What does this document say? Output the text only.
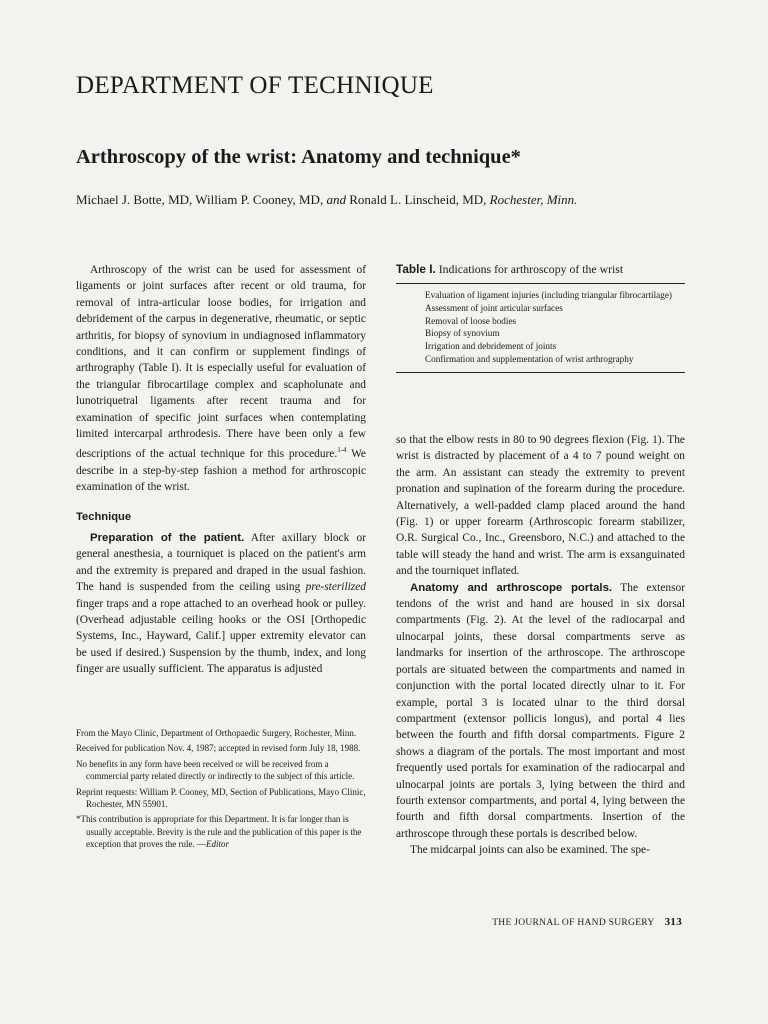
DEPARTMENT OF TECHNIQUE
Arthroscopy of the wrist: Anatomy and technique*

Michael J. Botte, MD, William P. Cooney, MD, and Ronald L. Linscheid, MD, Rochester, Minn.

Arthroscopy of the wrist can be used for assessment of ligaments or joint surfaces after recent or old trauma, for removal of intra-articular loose bodies, for irrigation and debridement of the carpus in degenerative, rheumatic, or septic arthritis, for biopsy of synovium in undiagnosed inflammatory conditions, and it can confirm or supplement findings of arthrography (Table I). It is especially useful for evaluation of the triangular fibrocartilage complex and scapholunate and lunotriquetral ligaments after recent trauma and for examination of specific joint surfaces when contemplating limited intercarpal arthrodesis. There have been only a few descriptions of the actual technique for this procedure.$^{1-4}$ We describe in a step-by-step fashion a method for arthroscopic examination of the wrist.

Technique

Preparation of the patient. After axillary block or general anesthesia, a tourniquet is placed on the patient's arm and the extremity is prepared and draped in the usual fashion. The hand is suspended from the ceiling using pre-sterilized finger traps and a rope attached to an overhead hook or pulley. (Overhead adjustable ceiling hooks or the OSI [Orthopedic Systems, Inc., Hayward, Calif.] upper extremity elevator can be used if desired.) Suspension by the thumb, index, and long finger are usually sufficient. The apparatus is adjusted

Table I. Indications for arthroscopy of the wrist

Evaluation of ligament injuries (including triangular fibrocartilage)
Assessment of joint articular surfaces
Removal of loose bodies
Biopsy of synovium
Irrigation and debridement of joints
Confirmation and supplementation of wrist arthrography

so that the elbow rests in 80 to 90 degrees flexion (Fig. 1). The wrist is distracted by placement of a 4 to 7 pound weight on the arm. An assistant can steady the extremity to prevent pronation and supination of the forearm during the procedure. Alternatively, a well-padded clamp placed around the hand (Fig. 1) or upper forearm (Arthroscopic forearm stabilizer, O.R. Surgical Co., Inc., Greensboro, N.C.) and attached to the table will steady the hand and wrist. The arm is exsanguinated and the tourniquet inflated.

Anatomy and arthroscope portals. The extensor tendons of the wrist and hand are housed in six dorsal compartments (Fig. 2). At the level of the radiocarpal and ulnocarpal joints, these dorsal compartments serve as landmarks for insertion of the arthroscope. The arthroscope portals are situated between the compartments and named in conjunction with the portal located directly ulnar to it. For example, portal 3 is located ulnar to the third dorsal compartment (extensor pollicis longus), and portal 4 lies between the fourth and fifth dorsal compartments. Figure 2 shows a diagram of the portals. The most important and most frequently used portals for examination of the radiocarpal and ulnocarpal joints are portals 3, lying between the third and fourth extensor compartments, and portal 4, lying between the fourth and fifth dorsal compartments. Insertion of the arthroscope through these portals is described below.

The midcarpal joints can also be examined. The spe-

From the Mayo Clinic, Department of Orthopaedic Surgery, Rochester, Minn.

Received for publication Nov. 4, 1987; accepted in revised form July 18, 1988.

No benefits in any form have been received or will be received from a commercial party related directly or indirectly to the subject of this article.

Reprint requests: William P. Cooney, MD, Section of Publications, Mayo Clinic, Rochester, MN 55901.

*This contribution is appropriate for this Department. It is far longer than is usually acceptable. Brevity is the rule and the publication of this paper is the exception that proves the rule. —Editor

THE JOURNAL OF HAND SURGERY 313
